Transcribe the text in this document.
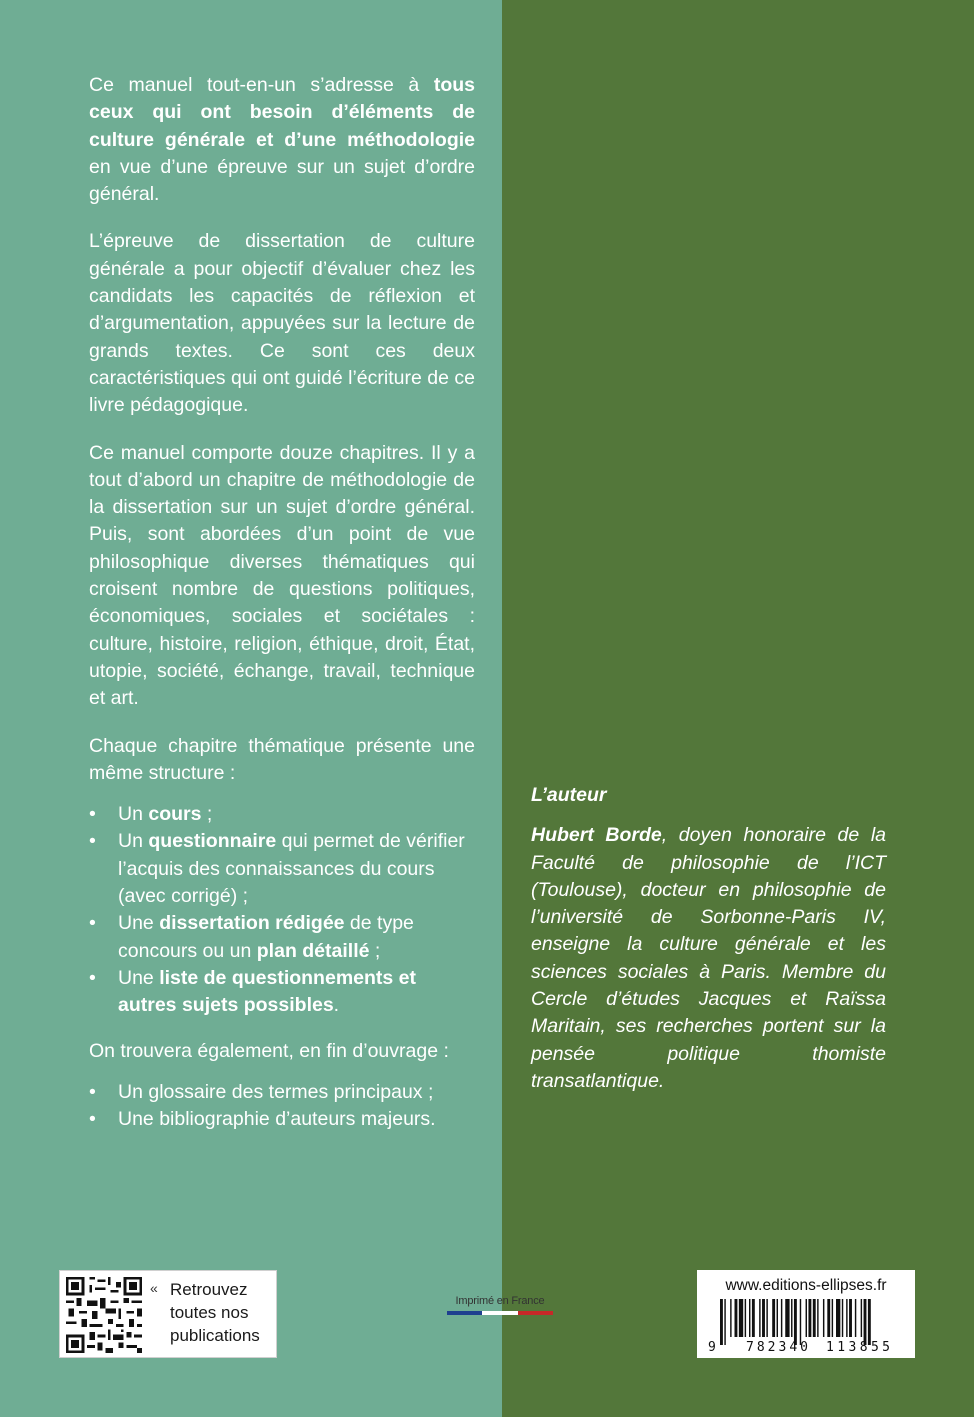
Ce manuel tout-en-un s’adresse à tous ceux qui ont besoin d’éléments de culture générale et d’une méthodologie en vue d’une épreuve sur un sujet d’ordre général.

L’épreuve de dissertation de culture générale a pour objectif d’évaluer chez les candidats les capacités de réflexion et d’argumentation, appuyées sur la lecture de grands textes. Ce sont ces deux caractéristiques qui ont guidé l’écriture de ce livre pédagogique.

Ce manuel comporte douze chapitres. Il y a tout d’abord un chapitre de méthodologie de la dissertation sur un sujet d’ordre général. Puis, sont abordées d’un point de vue philosophique diverses thématiques qui croisent nombre de questions politiques, économiques, sociales et sociétales : culture, histoire, religion, éthique, droit, État, utopie, société, échange, travail, technique et art.

Chaque chapitre thématique présente une même structure :

• Un cours ;
• Un questionnaire qui permet de vérifier l’acquis des connaissances du cours (avec corrigé) ;
• Une dissertation rédigée de type concours ou un plan détaillé ;
• Une liste de questionnements et autres sujets possibles.

On trouvera également, en fin d’ouvrage :

• Un glossaire des termes principaux ;
• Une bibliographie d’auteurs majeurs.

L’auteur

Hubert Borde, doyen honoraire de la Faculté de philosophie de l’ICT (Toulouse), docteur en philosophie de l’université de Sorbonne-Paris IV, enseigne la culture générale et les sciences sociales à Paris. Membre du Cercle d’études Jacques et Raïssa Maritain, ses recherches portent sur la pensée politique thomiste transatlantique.

« Retrouvez toutes nos publications
Imprimé en France
www.editions-ellipses.fr
9 782340 113855
